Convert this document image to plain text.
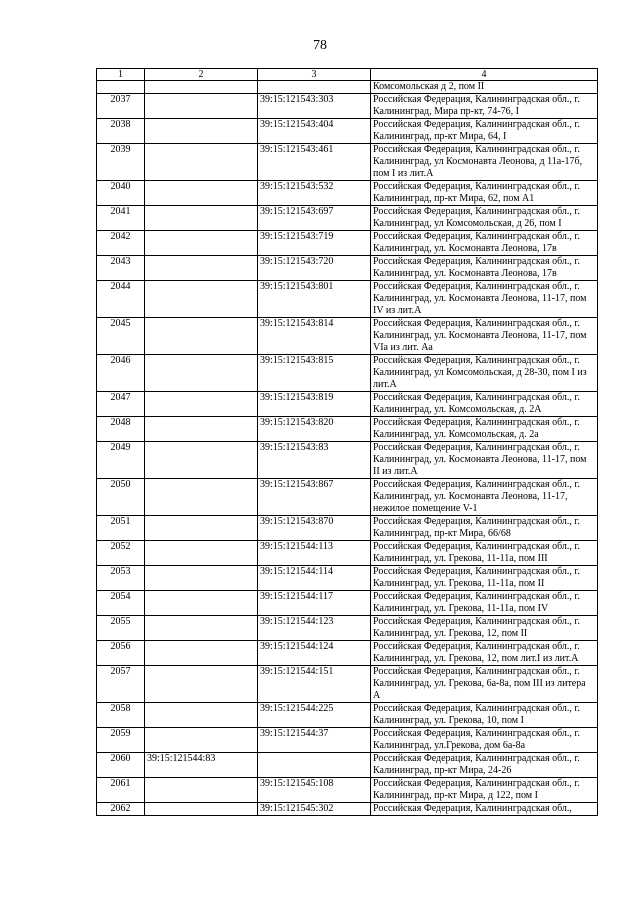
78
1	2	3	4
			Комсомольская д 2, пом II
2037		39:15:121543:303	Российская Федерация, Калининградская обл., г. Калининград, Мира пр-кт, 74-76, I
2038		39:15:121543:404	Российская Федерация, Калининградская обл., г. Калининград, пр-кт Мира, 64, I
2039		39:15:121543:461	Российская Федерация, Калининградская обл., г. Калининград, ул Космонавта Леонова, д 11а-17б, пом I из лит.А
2040		39:15:121543:532	Российская Федерация, Калининградская обл., г. Калининград, пр-кт Мира, 62, пом А1
2041		39:15:121543:697	Российская Федерация, Калининградская обл., г. Калининград, ул Комсомольская, д 26, пом I
2042		39:15:121543:719	Российская Федерация, Калининградская обл., г. Калининград, ул. Космонавта Леонова, 17в
2043		39:15:121543:720	Российская Федерация, Калининградская обл., г. Калининград, ул. Космонавта Леонова, 17в
2044		39:15:121543:801	Российская Федерация, Калининградская обл., г. Калининград, ул. Космонавта Леонова, 11-17, пом IV из лит.А
2045		39:15:121543:814	Российская Федерация, Калининградская обл., г. Калининград, ул. Космонавта Леонова, 11-17, пом VIа из лит. Аа
2046		39:15:121543:815	Российская Федерация, Калининградская обл., г. Калининград, ул Комсомольская, д 28-30, пом I из лит.А
2047		39:15:121543:819	Российская Федерация, Калининградская обл., г. Калининград, ул. Комсомольская, д. 2А
2048		39:15:121543:820	Российская Федерация, Калининградская обл., г. Калининград, ул. Комсомольская, д. 2а
2049		39:15:121543:83	Российская Федерация, Калининградская обл., г. Калининград, ул. Космонавта Леонова, 11-17, пом II из лит.А
2050		39:15:121543:867	Российская Федерация, Калининградская обл., г. Калининград, ул. Космонавта Леонова, 11-17, нежилое помещение V-1
2051		39:15:121543:870	Российская Федерация, Калининградская обл., г. Калининград, пр-кт Мира, 66/68
2052		39:15:121544:113	Российская Федерация, Калининградская обл., г. Калининград, ул. Грекова, 11-11а, пом III
2053		39:15:121544:114	Российская Федерация, Калининградская обл., г. Калининград, ул. Грекова, 11-11а, пом II
2054		39:15:121544:117	Российская Федерация, Калининградская обл., г. Калининград, ул. Грекова, 11-11а, пом IV
2055		39:15:121544:123	Российская Федерация, Калининградская обл., г. Калининград, ул. Грекова, 12, пом II
2056		39:15:121544:124	Российская Федерация, Калининградская обл., г. Калининград, ул. Грекова, 12, пом лит.I из лит.А
2057		39:15:121544:151	Российская Федерация, Калининградская обл., г. Калининград, ул. Грекова, 6а-8а, пом III из литера А
2058		39:15:121544:225	Российская Федерация, Калининградская обл., г. Калининград, ул. Грекова, 10, пом I
2059		39:15:121544:37	Российская Федерация, Калининградская обл., г. Калининград, ул.Грекова, дом 6а-8а
2060	39:15:121544:83		Российская Федерация, Калининградская обл., г. Калининград, пр-кт Мира, 24-26
2061		39:15:121545:108	Российская Федерация, Калининградская обл., г. Калининград, пр-кт Мира, д 122, пом I
2062		39:15:121545:302	Российская Федерация, Калининградская обл.,
